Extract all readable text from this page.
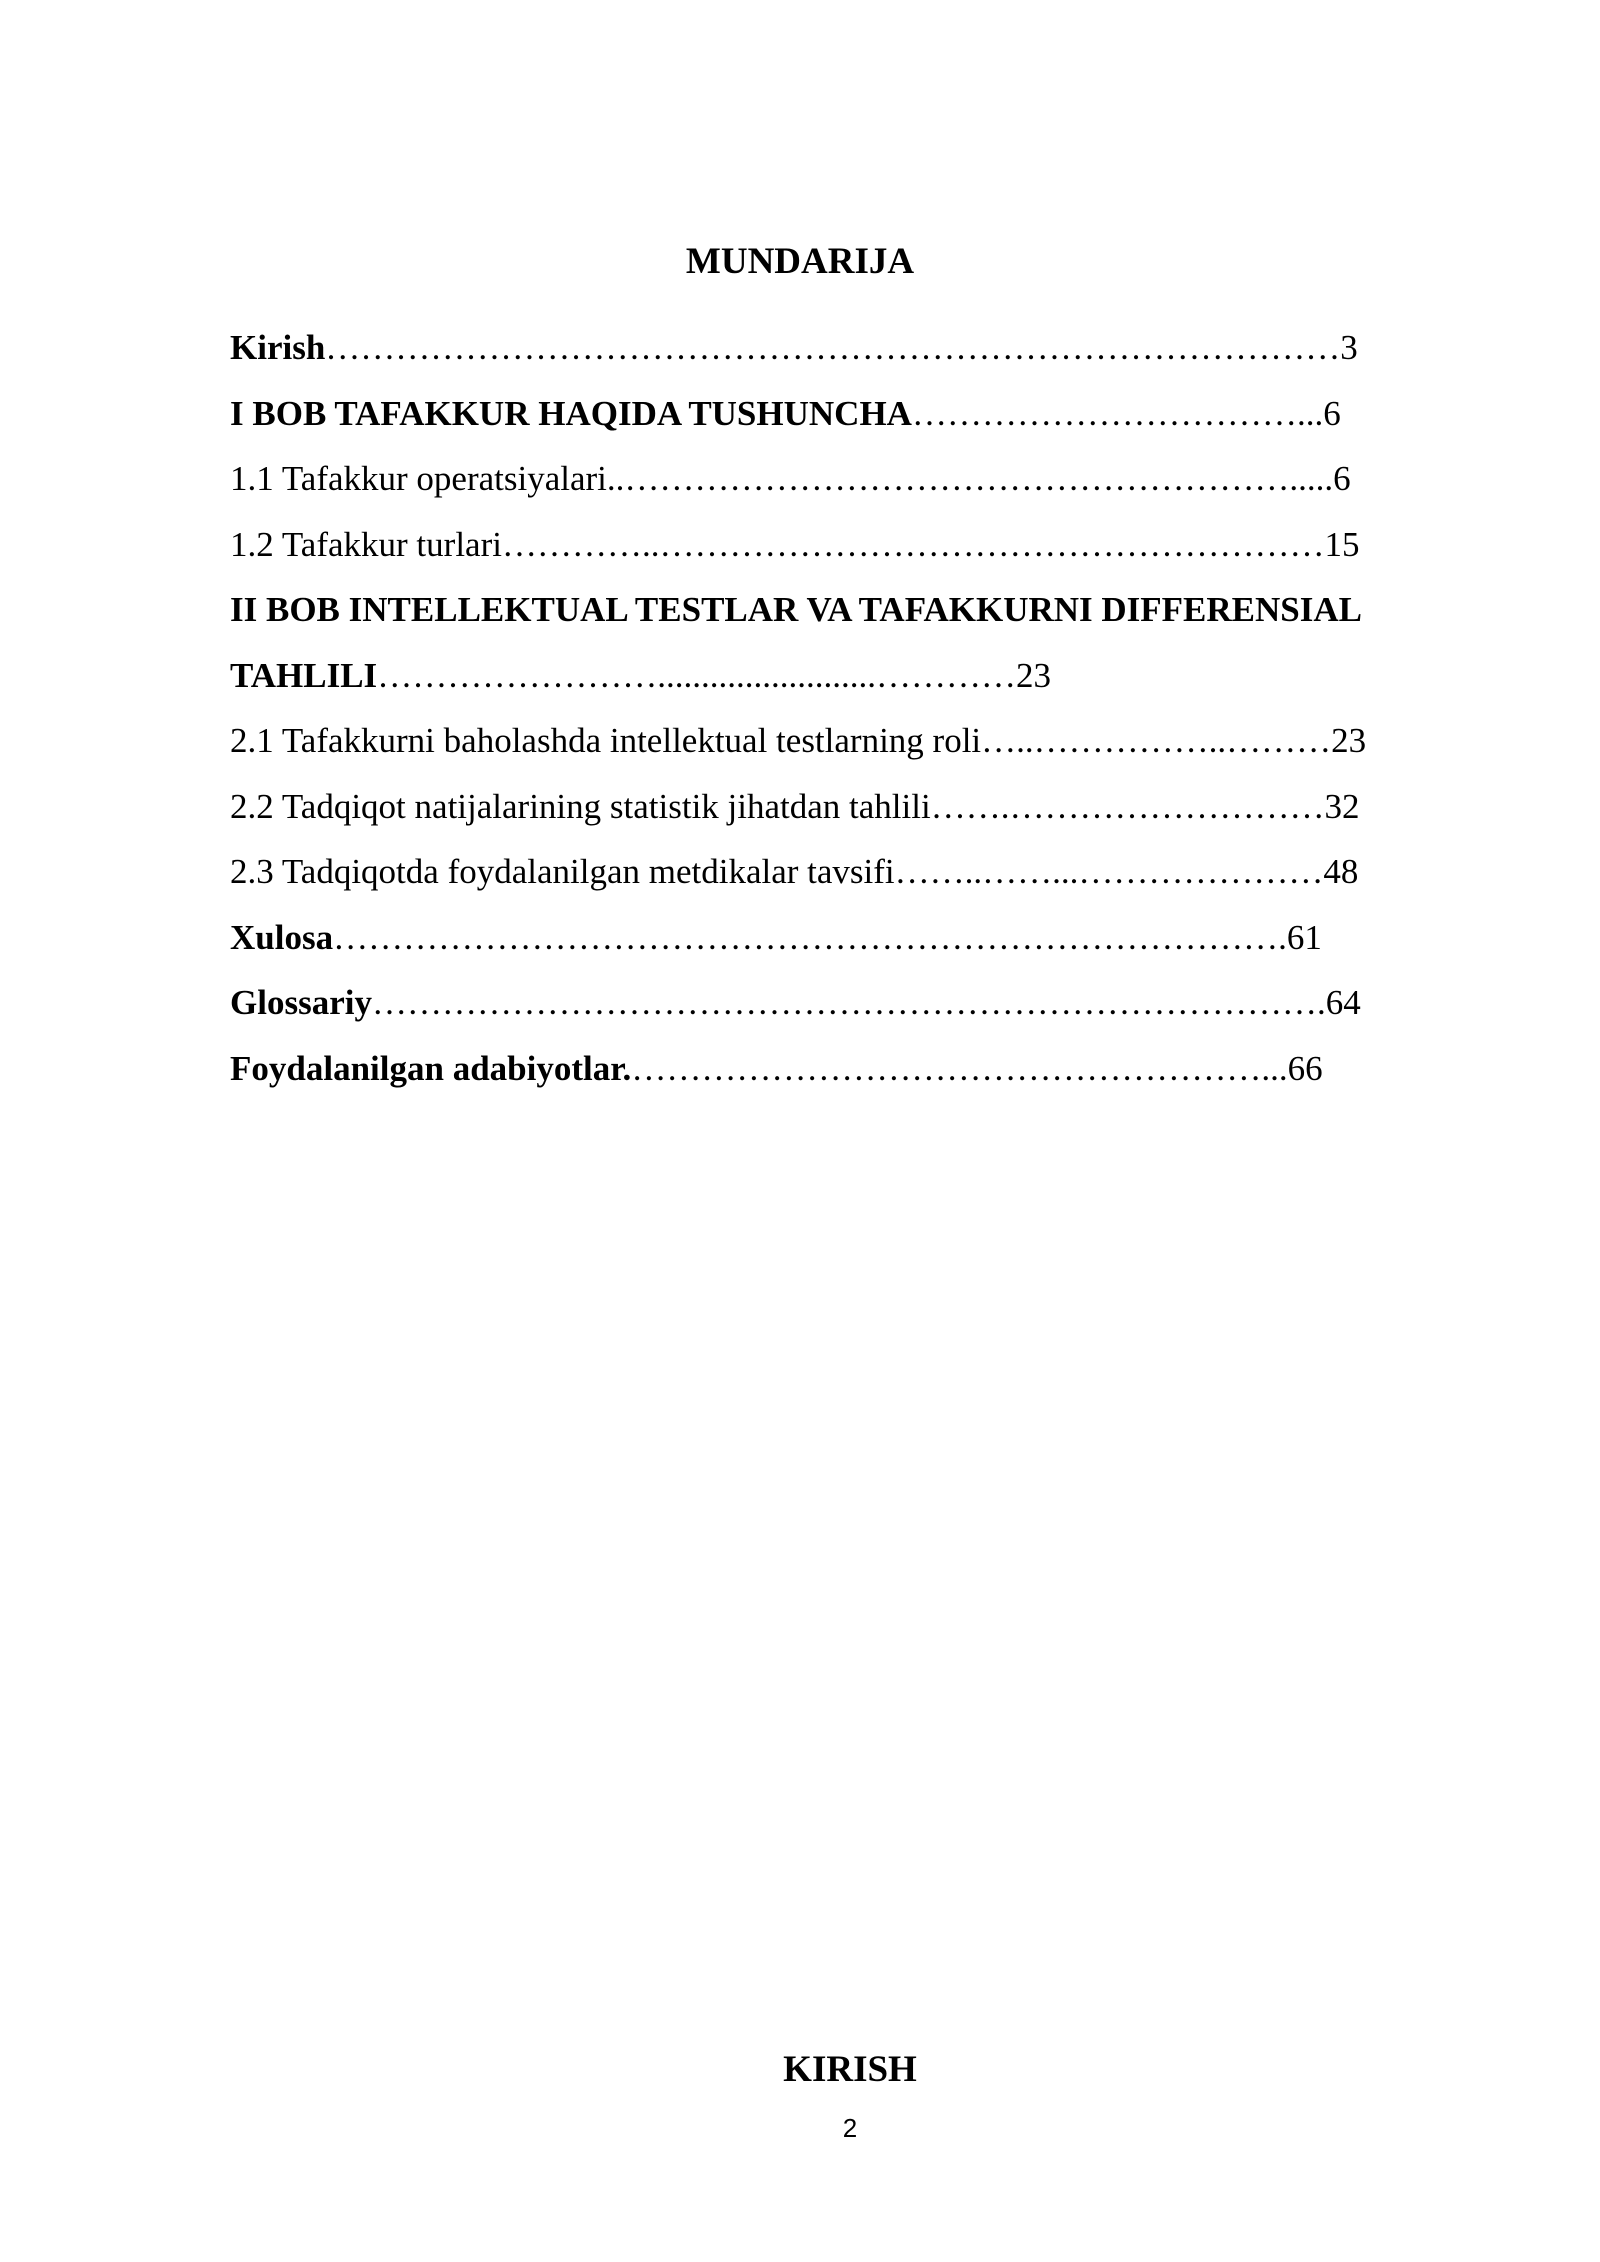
MUNDARIJA
Kirish……………………………………………………………………………3
I BOB TAFAKKUR HAQIDA TUSHUNCHA……………………………...6
1.1 Tafakkur operatsiyalari..………………………………………………….....6
1.2 Tafakkur turlari…………..…………………………………………………15
II BOB INTELLEKTUAL TESTLAR VA TAFAKKURNI DIFFERENSIAL
TAHLILI…………………….........................…………23
2.1 Tafakkurni baholashda intellektual testlarning roli…..……………..………23
2.2 Tadqiqot natijalarining statistik jihatdan tahlili…….………………………32
2.3 Tadqiqotda foydalanilgan metdikalar tavsifi……..……...…………………48
Xulosa……………………………………………………………………….61
Glossariy……………………………………………………………………….64
Foydalanilgan adabiyotlar.………………………………………………...66
KIRISH
2
